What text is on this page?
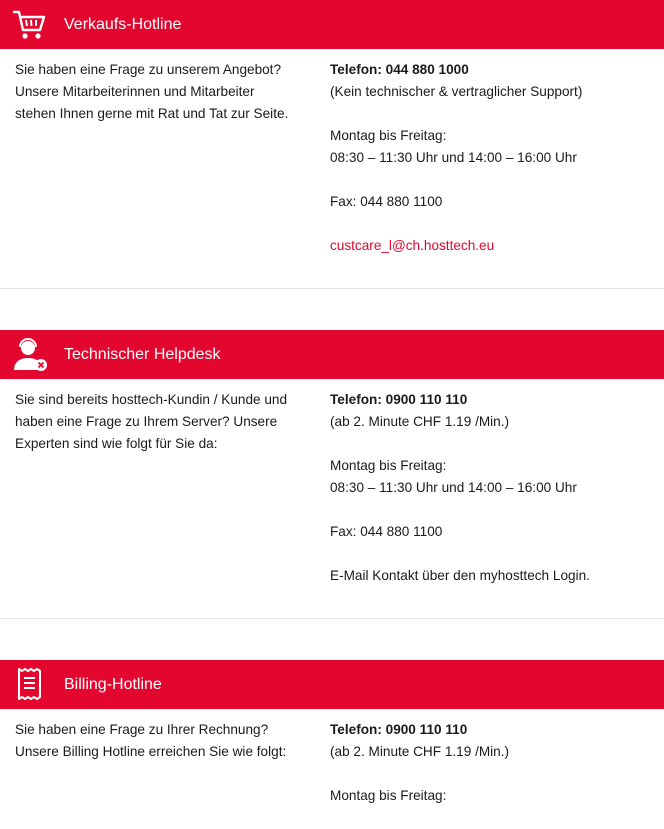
Verkaufs-Hotline
Sie haben eine Frage zu unserem Angebot?
Unsere Mitarbeiterinnen und Mitarbeiter
stehen Ihnen gerne mit Rat und Tat zur Seite.
Telefon: 044 880 1000
(Kein technischer & vertraglicher Support)
Montag bis Freitag:
08:30 – 11:30 Uhr und 14:00 – 16:00 Uhr
Fax: 044 880 1100
custcare_l@ch.hosttech.eu
Technischer Helpdesk
Sie sind bereits hosttech-Kundin / Kunde und
haben eine Frage zu Ihrem Server? Unsere
Experten sind wie folgt für Sie da:
Telefon: 0900 110 110
(ab 2. Minute CHF 1.19 /Min.)
Montag bis Freitag:
08:30 – 11:30 Uhr und 14:00 – 16:00 Uhr
Fax: 044 880 1100
E-Mail Kontakt über den myhosttech Login.
Billing-Hotline
Sie haben eine Frage zu Ihrer Rechnung?
Unsere Billing Hotline erreichen Sie wie folgt:
Telefon: 0900 110 110
(ab 2. Minute CHF 1.19 /Min.)
Montag bis Freitag:
